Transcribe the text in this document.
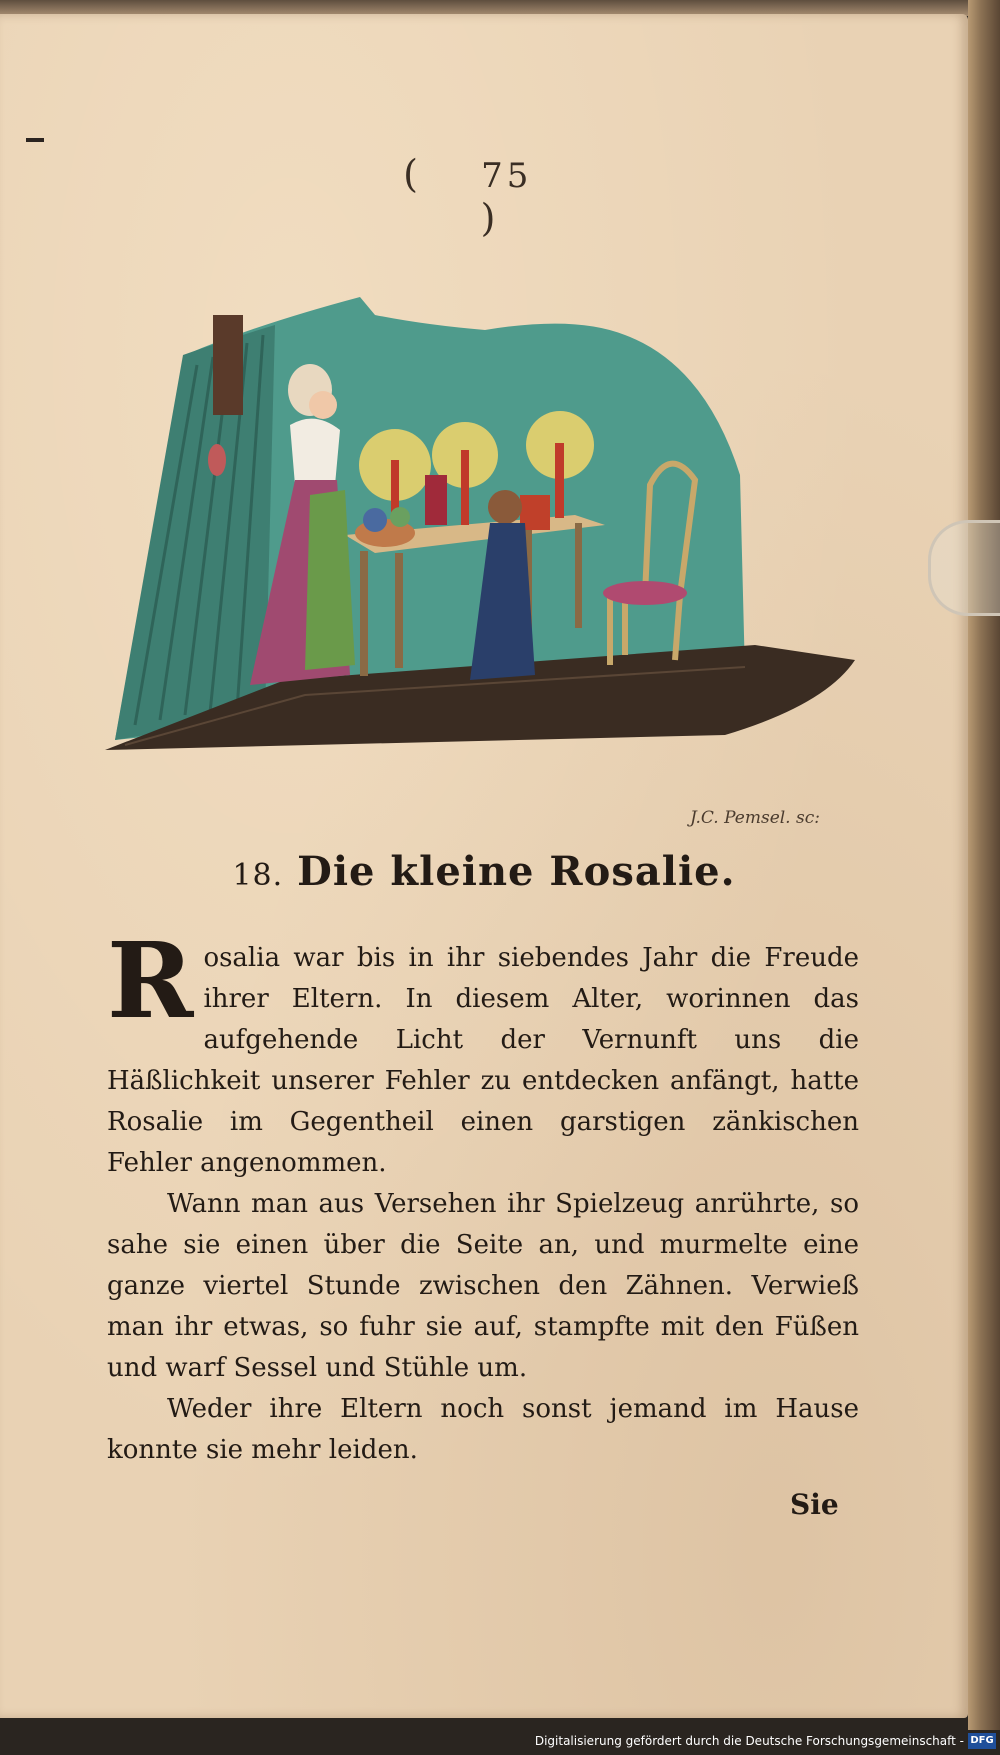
( 75    )
J.C. Pemsel. sc:
18. Die kleine Rosalie.

Rosalia war bis in ihr siebendes Jahr die Freude ihrer Eltern. In diesem Alter, worinnen das aufgehende Licht der Vernunft uns die Häßlichkeit unserer Fehler zu entdecken anfängt, hatte Rosalie im Gegentheil einen garstigen zänkischen Fehler angenommen.

Wann man aus Versehen ihr Spielzeug anrührte, so sahe sie einen über die Seite an, und murmelte eine ganze viertel Stunde zwischen den Zähnen. Verwieß man ihr etwas, so fuhr sie auf, stampfte mit den Füßen und warf Sessel und Stühle um.

Weder ihre Eltern noch sonst jemand im Hause konnte sie mehr leiden.

Sie
Digitalisierung gefördert durch die Deutsche Forschungsgemeinschaft - DFG
